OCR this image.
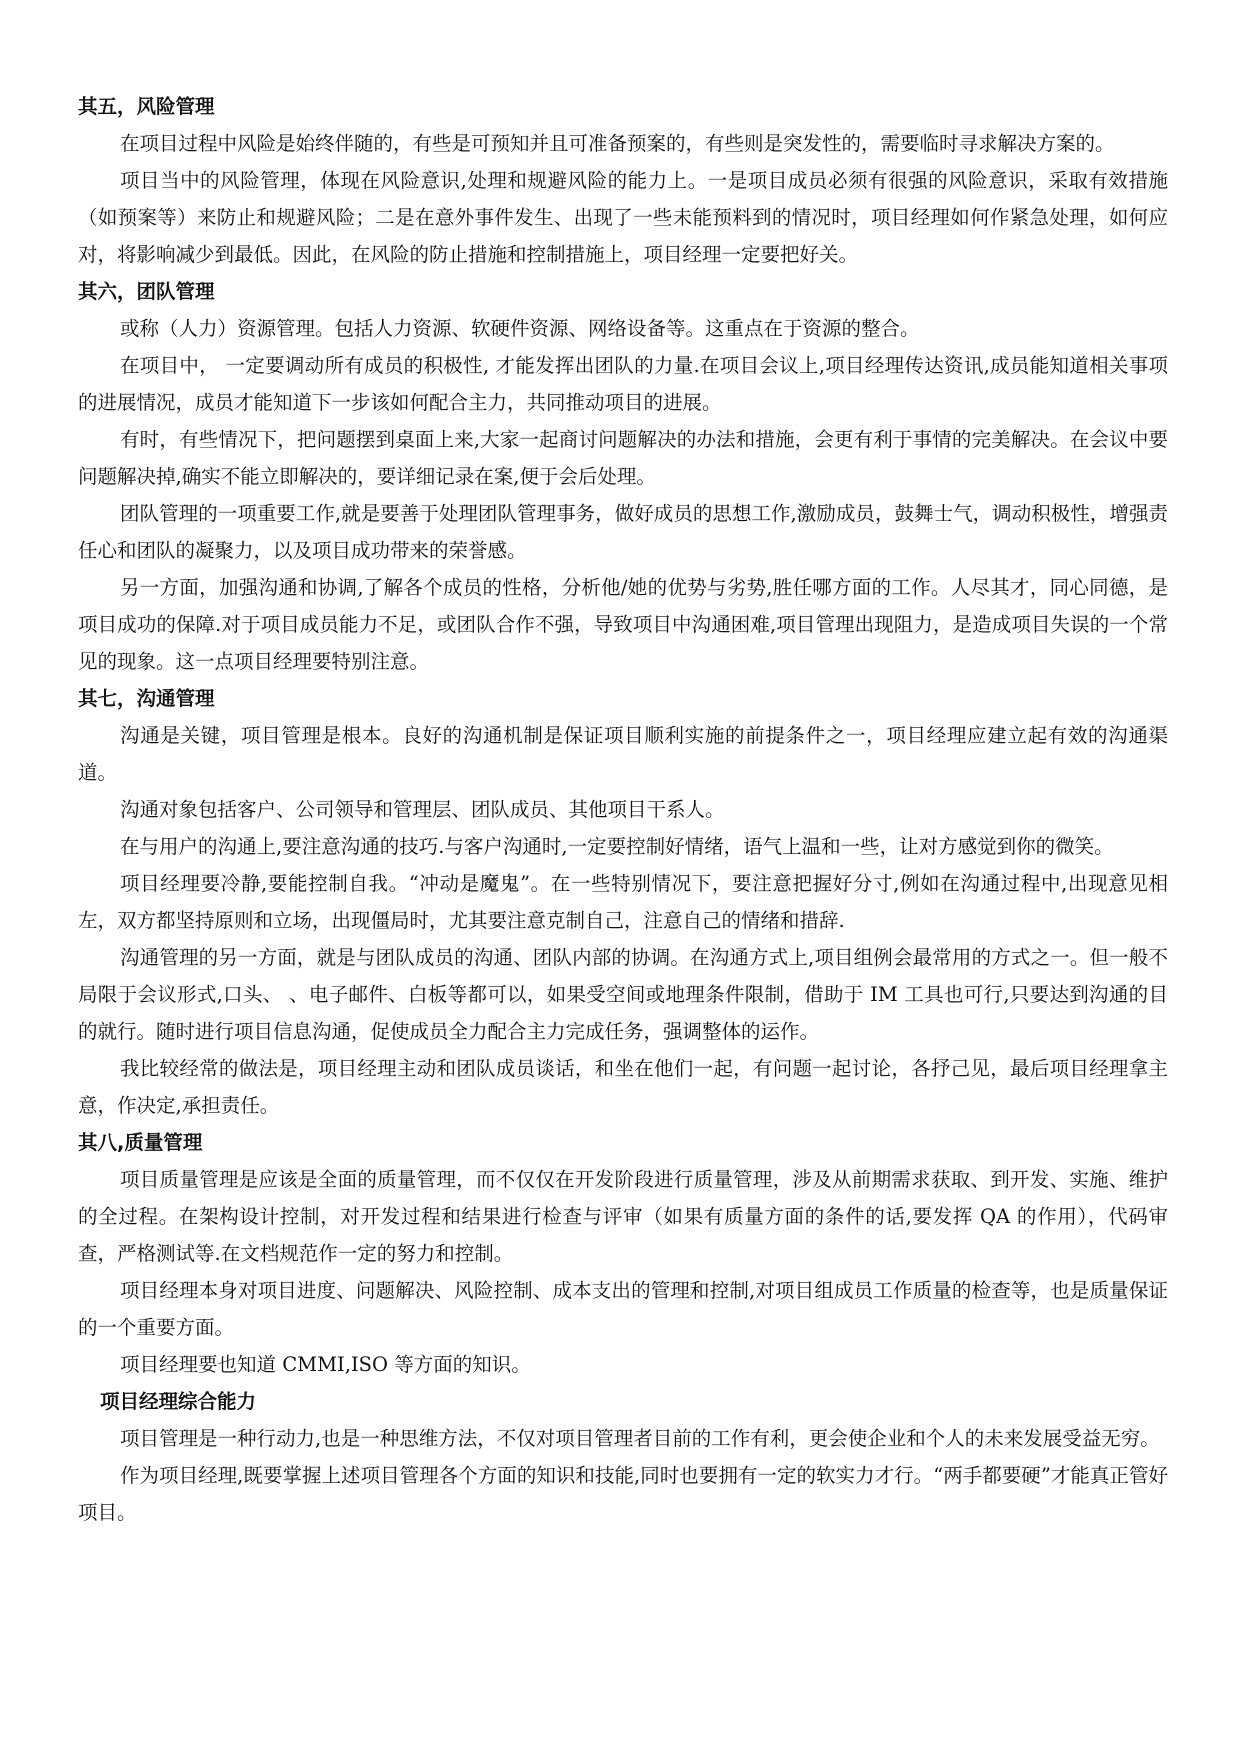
其五，风险管理

在项目过程中风险是始终伴随的，有些是可预知并且可准备预案的，有些则是突发性的，需要临时寻求解决方案的。

项目当中的风险管理，体现在风险意识,处理和规避风险的能力上。一是项目成员必须有很强的风险意识，采取有效措施（如预案等）来防止和规避风险；二是在意外事件发生、出现了一些未能预料到的情况时，项目经理如何作紧急处理，如何应对，将影响减少到最低。因此，在风险的防止措施和控制措施上，项目经理一定要把好关。

其六，团队管理

或称（人力）资源管理。包括人力资源、软硬件资源、网络设备等。这重点在于资源的整合。

在项目中， 一定要调动所有成员的积极性, 才能发挥出团队的力量.在项目会议上,项目经理传达资讯,成员能知道相关事项的进展情况，成员才能知道下一步该如何配合主力，共同推动项目的进展。

有时，有些情况下，把问题摆到桌面上来,大家一起商讨问题解决的办法和措施，会更有利于事情的完美解决。在会议中要问题解决掉,确实不能立即解决的，要详细记录在案,便于会后处理。

团队管理的一项重要工作,就是要善于处理团队管理事务，做好成员的思想工作,激励成员，鼓舞士气，调动积极性，增强责任心和团队的凝聚力，以及项目成功带来的荣誉感。

另一方面，加强沟通和协调,了解各个成员的性格，分析他/她的优势与劣势,胜任哪方面的工作。人尽其才，同心同德，是项目成功的保障.对于项目成员能力不足，或团队合作不强，导致项目中沟通困难,项目管理出现阻力，是造成项目失误的一个常见的现象。这一点项目经理要特别注意。

其七，沟通管理

沟通是关键，项目管理是根本。良好的沟通机制是保证项目顺利实施的前提条件之一，项目经理应建立起有效的沟通渠道。

沟通对象包括客户、公司领导和管理层、团队成员、其他项目干系人。

在与用户的沟通上,要注意沟通的技巧.与客户沟通时,一定要控制好情绪，语气上温和一些，让对方感觉到你的微笑。

项目经理要冷静,要能控制自我。“冲动是魔鬼”。在一些特别情况下，要注意把握好分寸,例如在沟通过程中,出现意见相左，双方都坚持原则和立场，出现僵局时，尤其要注意克制自己，注意自己的情绪和措辞.

沟通管理的另一方面，就是与团队成员的沟通、团队内部的协调。在沟通方式上,项目组例会最常用的方式之一。但一般不局限于会议形式,口头、 、电子邮件、白板等都可以，如果受空间或地理条件限制，借助于 IM 工具也可行,只要达到沟通的目的就行。随时进行项目信息沟通，促使成员全力配合主力完成任务，强调整体的运作。

我比较经常的做法是，项目经理主动和团队成员谈话，和坐在他们一起，有问题一起讨论，各抒己见，最后项目经理拿主意，作决定,承担责任。

其八,质量管理

项目质量管理是应该是全面的质量管理，而不仅仅在开发阶段进行质量管理，涉及从前期需求获取、到开发、实施、维护的全过程。在架构设计控制，对开发过程和结果进行检查与评审（如果有质量方面的条件的话,要发挥 QA 的作用），代码审查，严格测试等.在文档规范作一定的努力和控制。

项目经理本身对项目进度、问题解决、风险控制、成本支出的管理和控制,对项目组成员工作质量的检查等，也是质量保证的一个重要方面。

项目经理要也知道 CMMI,ISO 等方面的知识。

项目经理综合能力

项目管理是一种行动力,也是一种思维方法，不仅对项目管理者目前的工作有利，更会使企业和个人的未来发展受益无穷。

作为项目经理,既要掌握上述项目管理各个方面的知识和技能,同时也要拥有一定的软实力才行。“两手都要硬”才能真正管好项目。
